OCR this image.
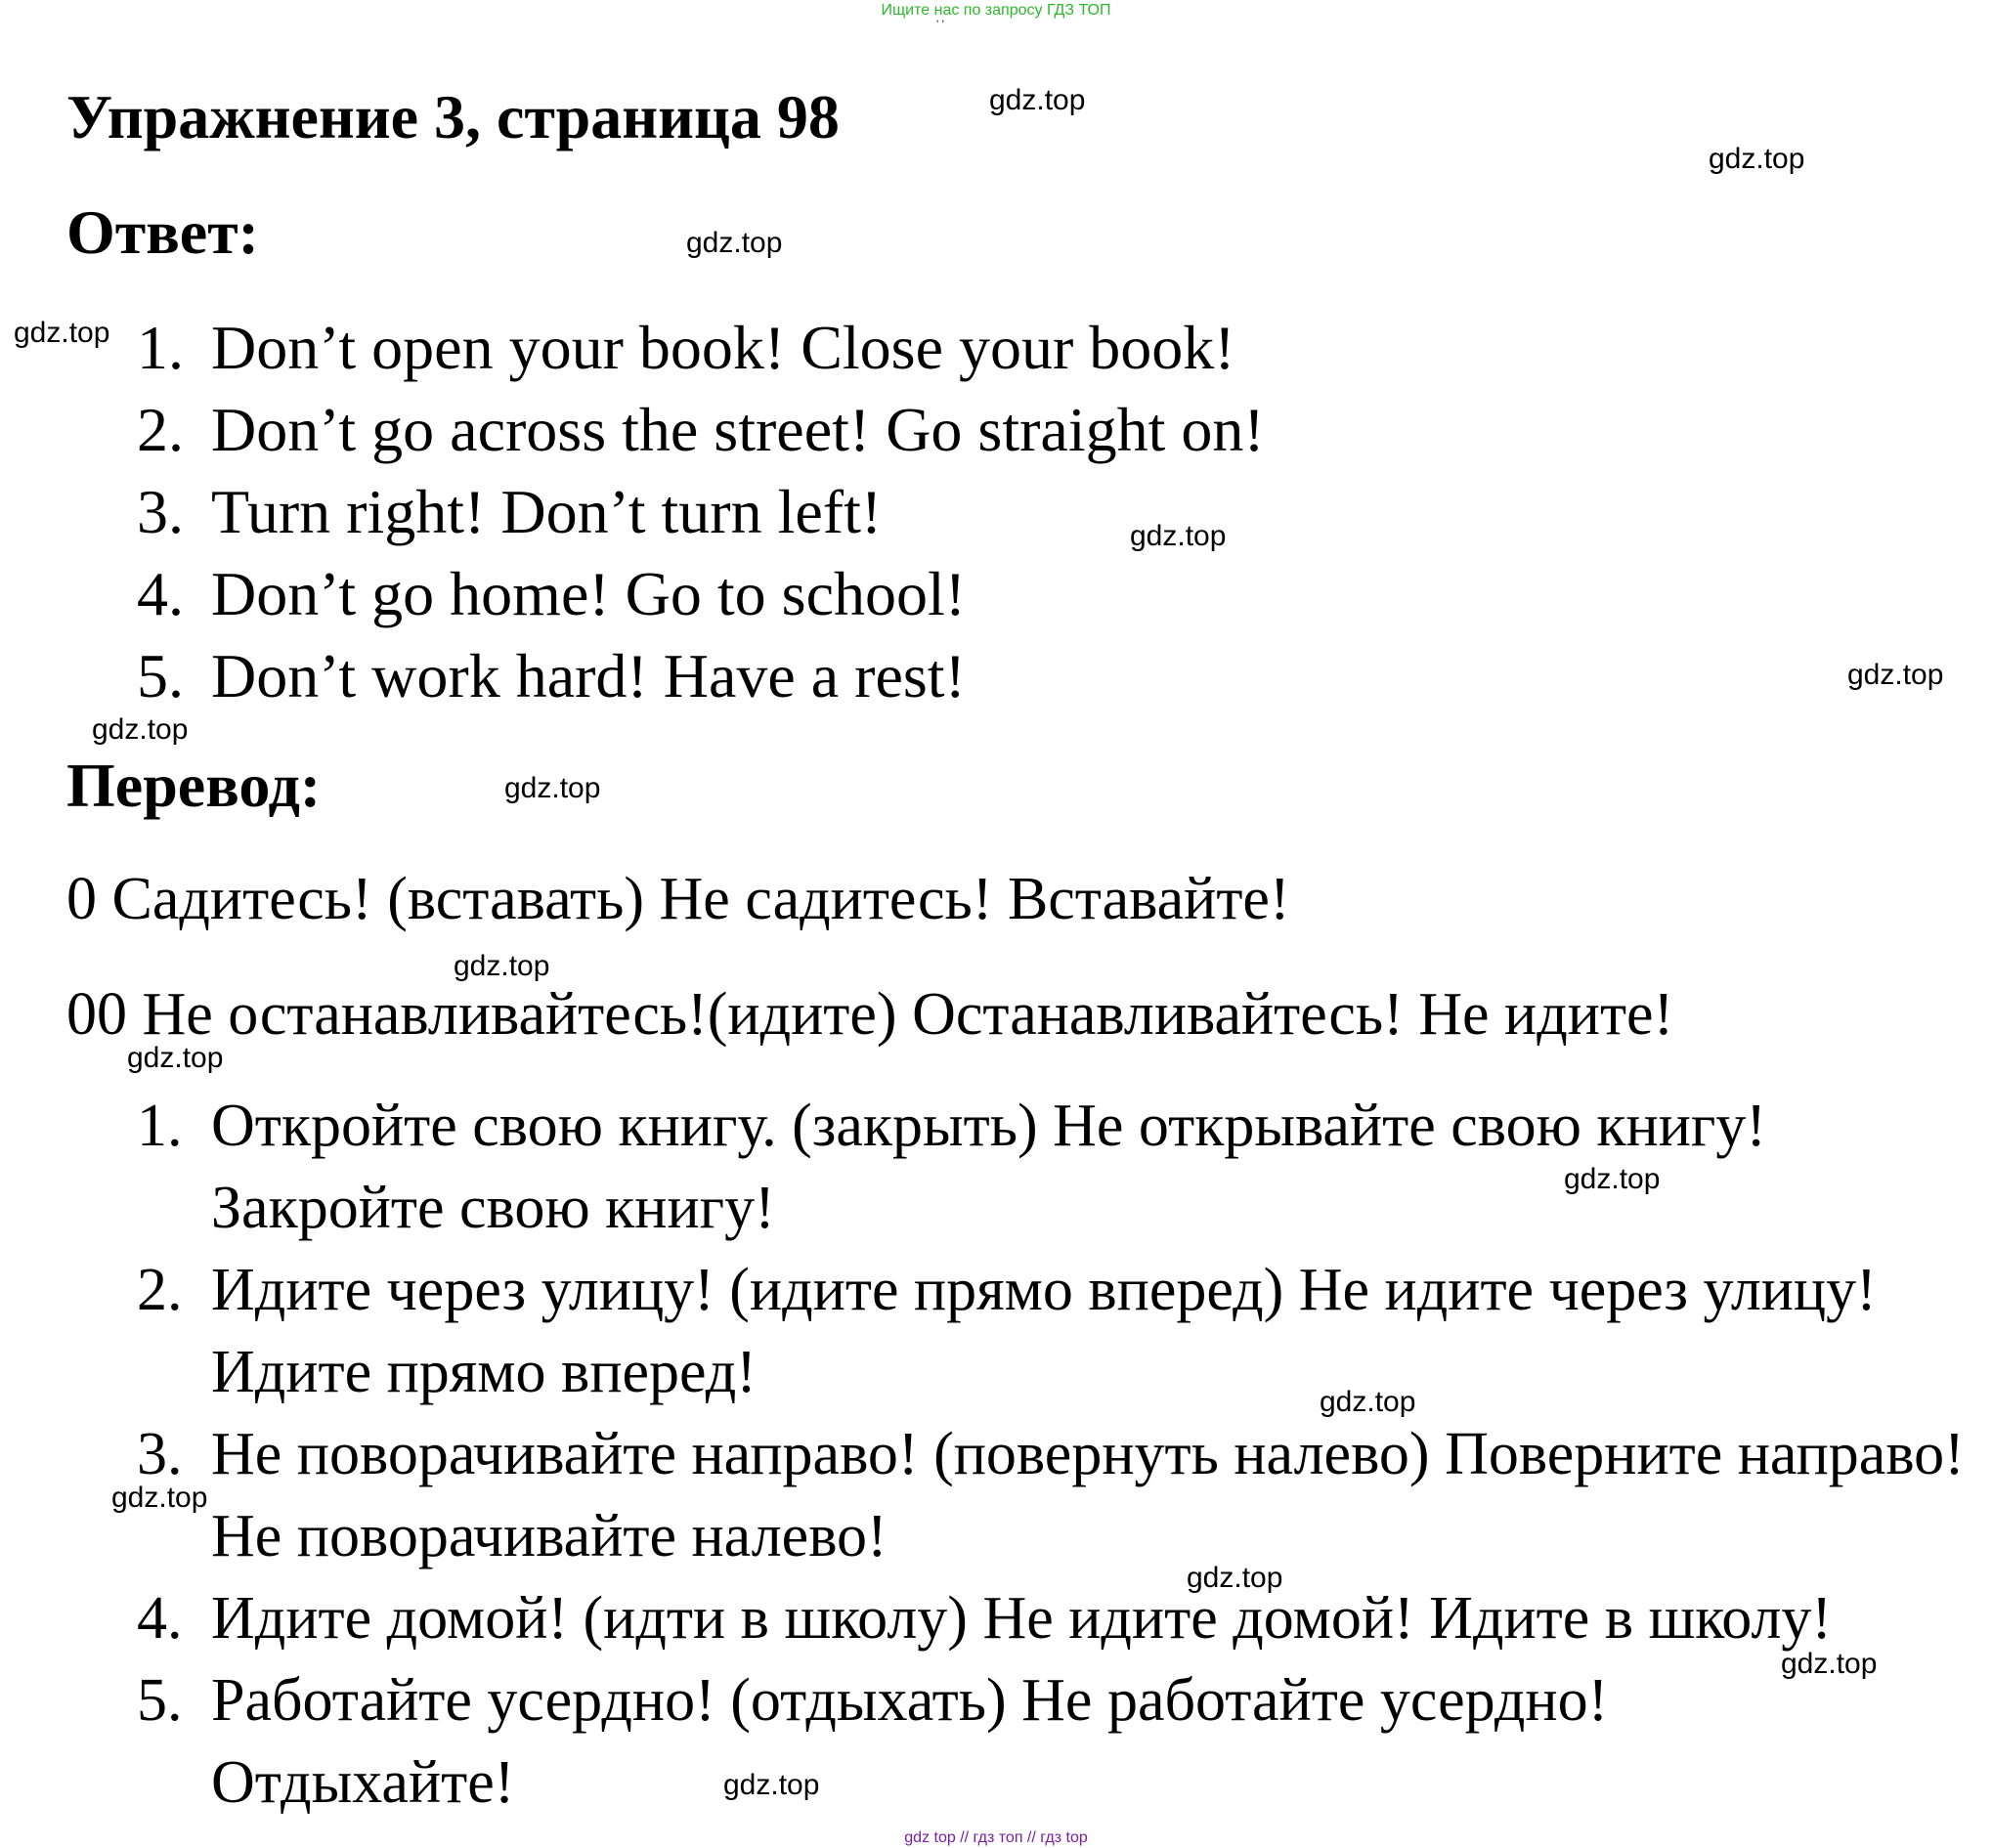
Ищите нас по запросу ГДЗ ТОП
' '
Упражнение 3, страница 98
Ответ:
1. Don’t open your book! Close your book!
2. Don’t go across the street! Go straight on!
3. Turn right! Don’t turn left!
4. Don’t go home! Go to school!
5. Don’t work hard! Have a rest!
Перевод:

0 Садитесь! (вставать) Не садитесь! Вставайте!

00 Не останавливайтесь!(идите) Останавливайтесь! Не идите!

1. Откройте свою книгу. (закрыть) Не открывайте свою книгу! Закройте свою книгу!
2. Идите через улицу! (идите прямо вперед) Не идите через улицу! Идите прямо вперед!
3. Не поворачивайте направо! (повернуть налево) Поверните направо! Не поворачивайте налево!
4. Идите домой! (идти в школу) Не идите домой! Идите в школу!
5. Работайте усердно! (отдыхать) Не работайте усердно! Отдыхайте!
gdz.top
gdz.top
gdz.top
gdz.top
gdz.top
gdz.top
gdz.top
gdz.top
gdz.top
gdz.top
gdz.top
gdz.top
gdz.top
gdz.top
gdz.top
gdz.top
gdz top // гдз топ // гдз top
